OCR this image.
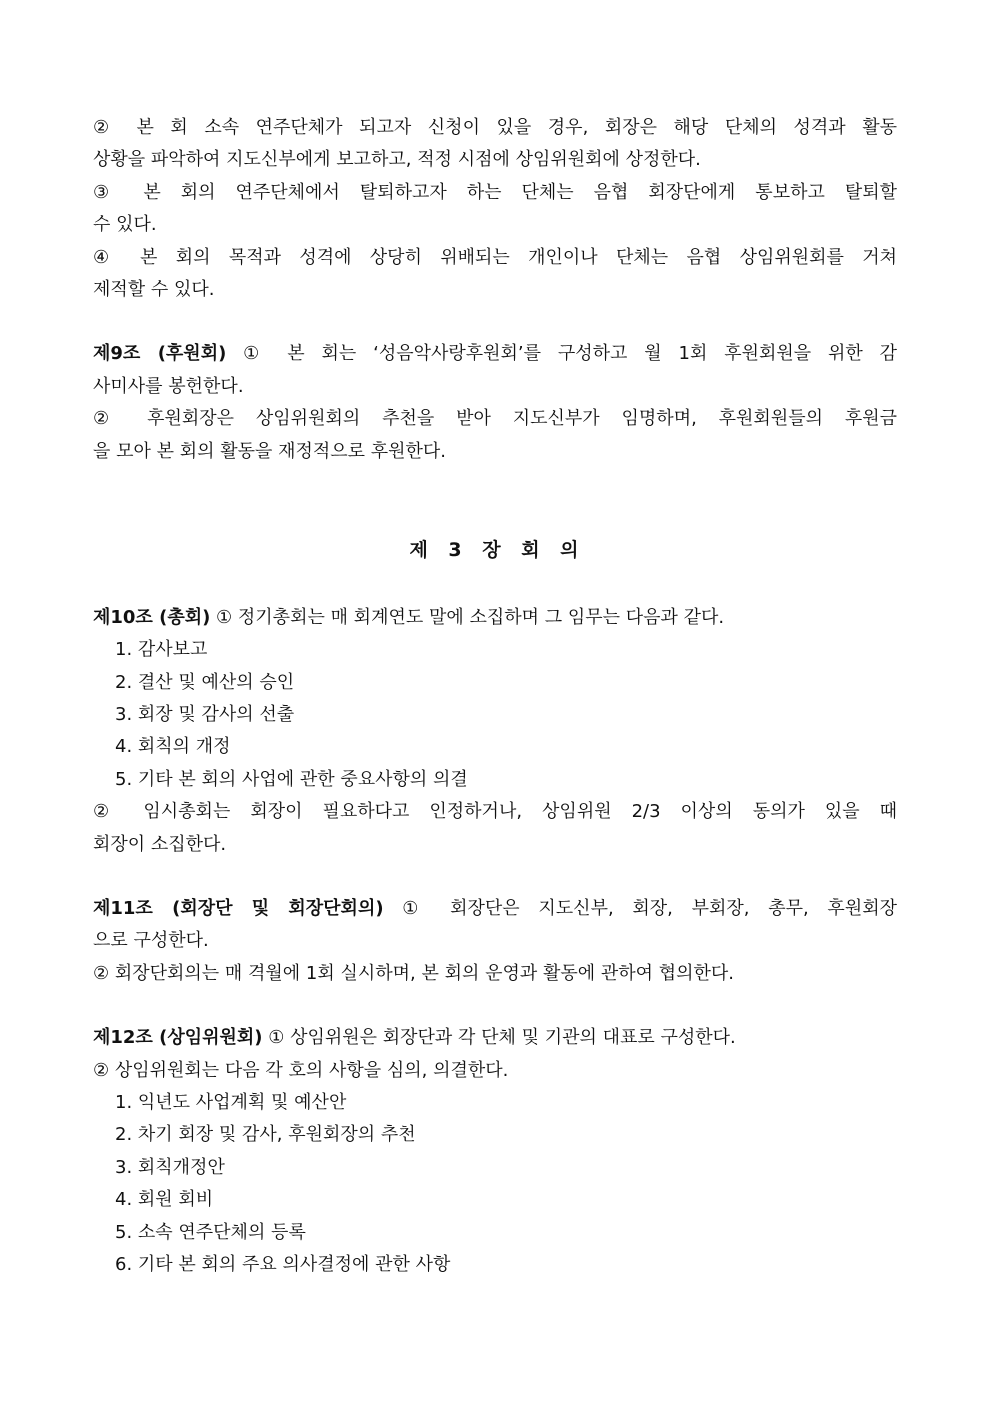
② 본 회 소속 연주단체가 되고자 신청이 있을 경우, 회장은 해당 단체의 성격과 활동
상황을 파악하여 지도신부에게 보고하고, 적정 시점에 상임위원회에 상정한다.
③ 본 회의 연주단체에서 탈퇴하고자 하는 단체는 음협 회장단에게 통보하고 탈퇴할
수 있다.
④ 본 회의 목적과 성격에 상당히 위배되는 개인이나 단체는 음협 상임위원회를 거쳐
제적할 수 있다.
제9조 (후원회) ① 본 회는 ‘성음악사랑후원회’를 구성하고 월 1회 후원회원을 위한 감
사미사를 봉헌한다.
② 후원회장은 상임위원회의 추천을 받아 지도신부가 임명하며, 후원회원들의 후원금
을 모아 본 회의 활동을 재정적으로 후원한다.
제 3 장 회 의
제10조 (총회) ① 정기총회는 매 회계연도 말에 소집하며 그 임무는 다음과 같다.
1. 감사보고
2. 결산 및 예산의 승인
3. 회장 및 감사의 선출
4. 회칙의 개정
5. 기타 본 회의 사업에 관한 중요사항의 의결
② 임시총회는 회장이 필요하다고 인정하거나, 상임위원 2/3 이상의 동의가 있을 때
회장이 소집한다.
제11조 (회장단 및 회장단회의) ① 회장단은 지도신부, 회장, 부회장, 총무, 후원회장
으로 구성한다.
② 회장단회의는 매 격월에 1회 실시하며, 본 회의 운영과 활동에 관하여 협의한다.
제12조 (상임위원회) ① 상임위원은 회장단과 각 단체 및 기관의 대표로 구성한다.
② 상임위원회는 다음 각 호의 사항을 심의, 의결한다.
1. 익년도 사업계획 및 예산안
2. 차기 회장 및 감사, 후원회장의 추천
3. 회칙개정안
4. 회원 회비
5. 소속 연주단체의 등록
6. 기타 본 회의 주요 의사결정에 관한 사항
